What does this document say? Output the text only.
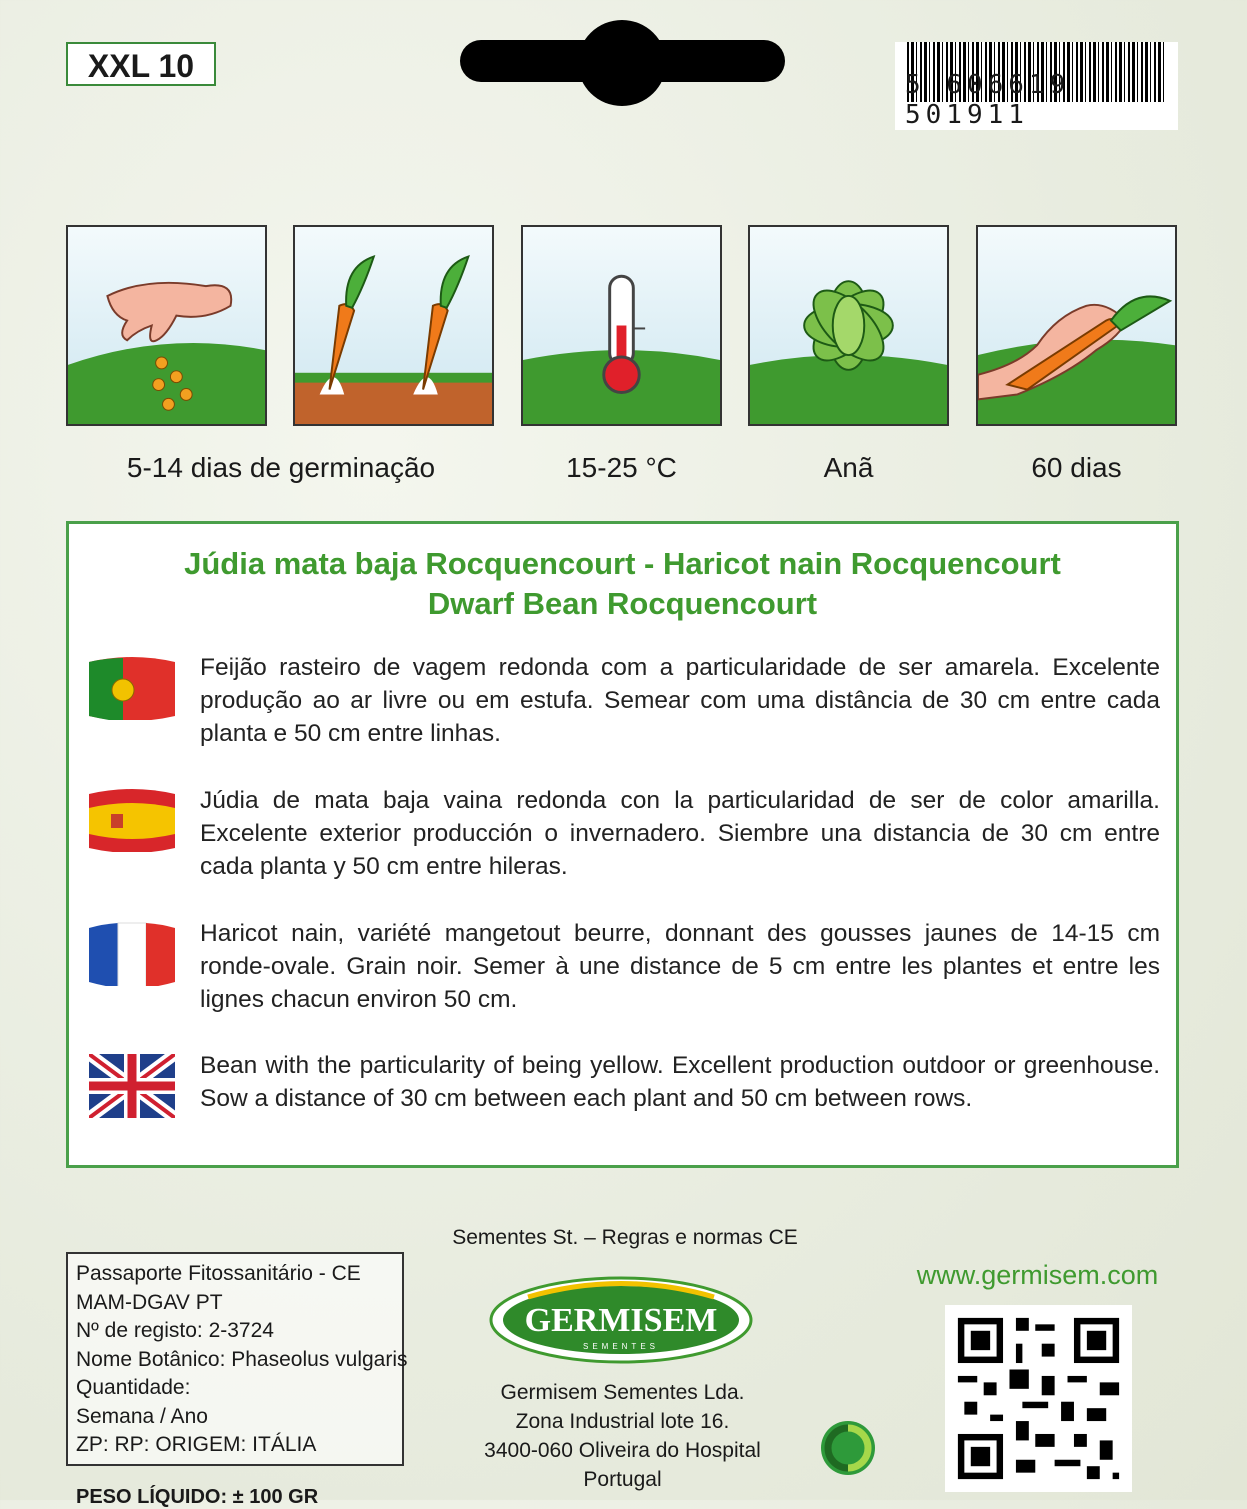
XXL 10
5 606619 501911
5-14 dias de germinação	15-25 °C	Anã	60 dias
Júdia mata baja Rocquencourt - Haricot nain Rocquencourt
Dwarf Bean Rocquencourt
Feijão rasteiro de vagem redonda com a particularidade de ser amarela. Excelente produção ao ar livre ou em estufa. Semear com uma distância de 30 cm entre cada planta e 50 cm entre linhas.
Júdia de mata baja vaina redonda con la particularidad de ser de color amarilla. Excelente exterior producción o invernadero. Siembre una distancia de 30 cm entre cada planta y 50 cm entre hileras.
Haricot nain, variété mangetout beurre, donnant des gousses jaunes de 14-15 cm ronde-ovale. Grain noir. Semer à une distance de 5 cm entre les plantes et entre les lignes chacun environ 50 cm.
Bean with the particularity of being yellow. Excellent production outdoor or greenhouse. Sow a distance of 30 cm between each plant and 50 cm between rows.
Passaporte Fitossanitário - CE
MAM-DGAV PT
Nº de registo: 2-3724
Nome Botânico: Phaseolus vulgaris
Quantidade:
Semana / Ano
ZP: RP: ORIGEM: ITÁLIA
Sementes St. – Regras e normas CE
GERMISEM
SEMENTES
Germisem Sementes Lda.
Zona Industrial lote 16.
3400-060 Oliveira do Hospital
Portugal
www.germisem.com
PESO LÍQUIDO: ± 100 GR
